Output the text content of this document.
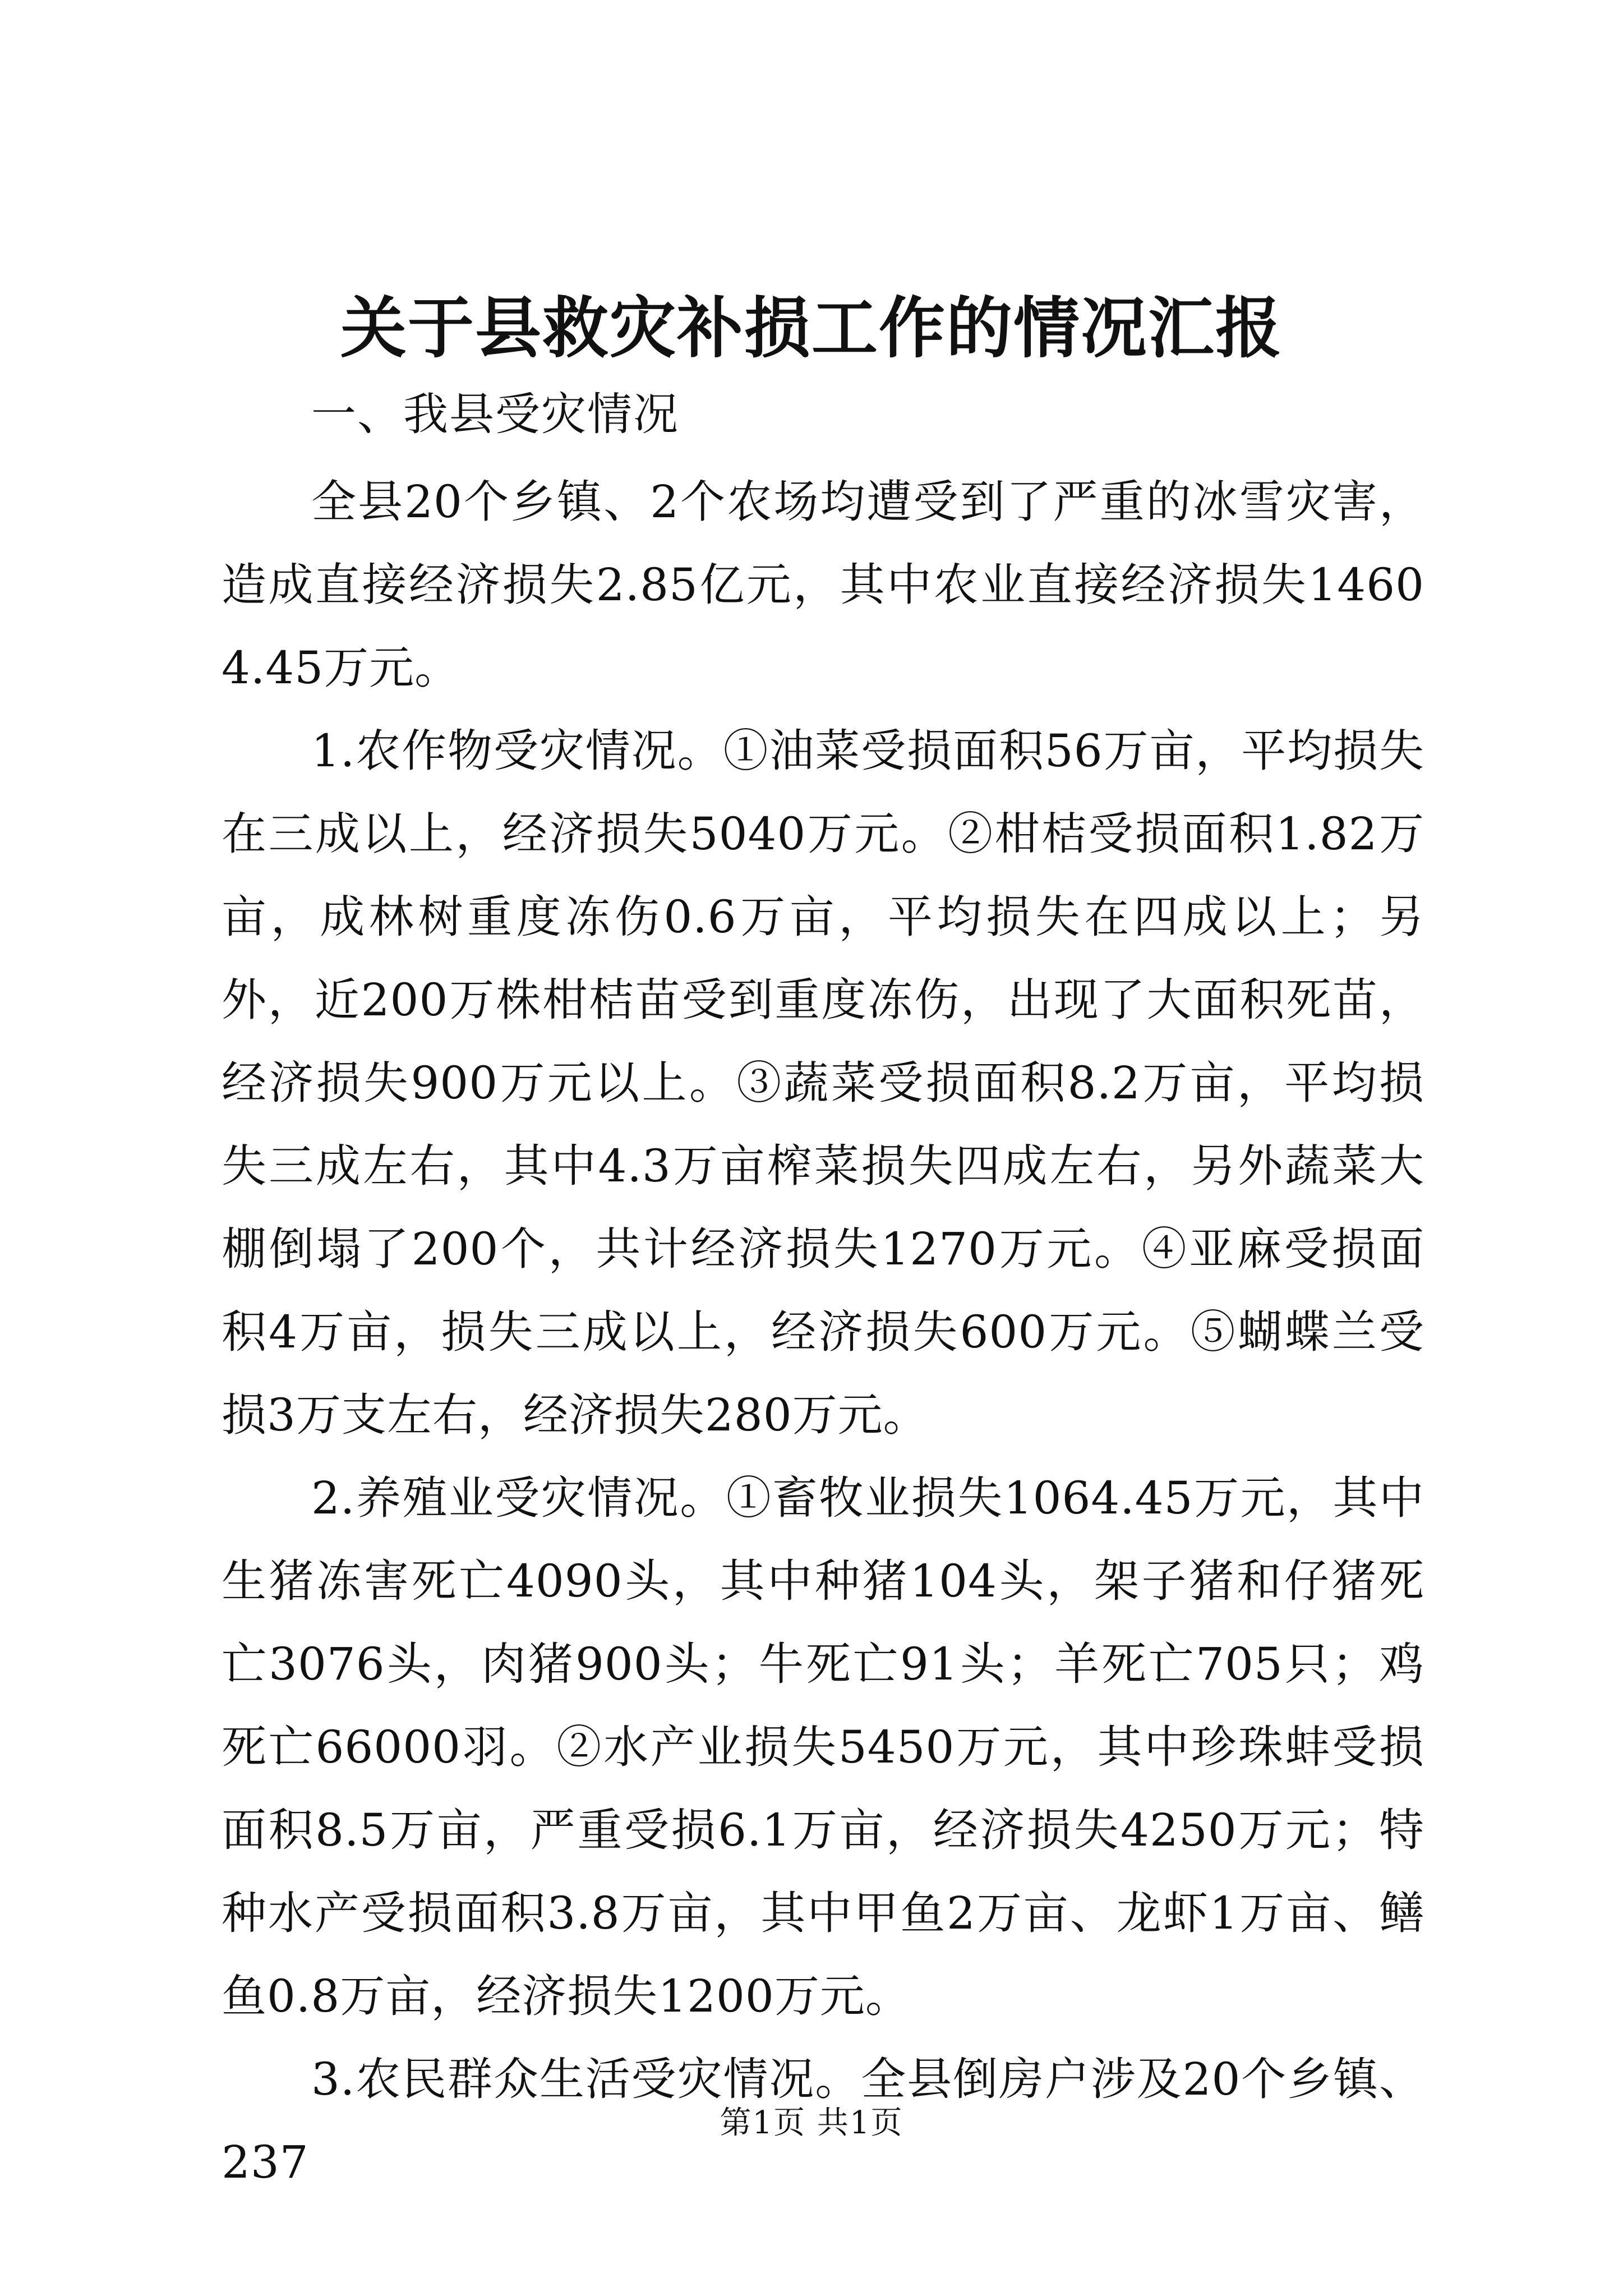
关于县救灾补损工作的情况汇报

一、我县受灾情况

全县20个乡镇、2个农场均遭受到了严重的冰雪灾害，造成直接经济损失2.85亿元，其中农业直接经济损失14604.45万元。

1.农作物受灾情况。①油菜受损面积56万亩，平均损失在三成以上，经济损失5040万元。②柑桔受损面积1.82万亩，成林树重度冻伤0.6万亩，平均损失在四成以上；另外，近200万株柑桔苗受到重度冻伤，出现了大面积死苗，经济损失900万元以上。③蔬菜受损面积8.2万亩，平均损失三成左右，其中4.3万亩榨菜损失四成左右，另外蔬菜大棚倒塌了200个，共计经济损失1270万元。④亚麻受损面积4万亩，损失三成以上，经济损失600万元。⑤蝴蝶兰受损3万支左右，经济损失280万元。

2.养殖业受灾情况。①畜牧业损失1064.45万元，其中生猪冻害死亡4090头，其中种猪104头，架子猪和仔猪死亡3076头，肉猪900头；牛死亡91头；羊死亡705只；鸡死亡66000羽。②水产业损失5450万元，其中珍珠蚌受损面积8.5万亩，严重受损6.1万亩，经济损失4250万元；特种水产受损面积3.8万亩，其中甲鱼2万亩、龙虾1万亩、鳝鱼0.8万亩，经济损失1200万元。

3.农民群众生活受灾情况。全县倒房户涉及20个乡镇、237

第1页 共1页
